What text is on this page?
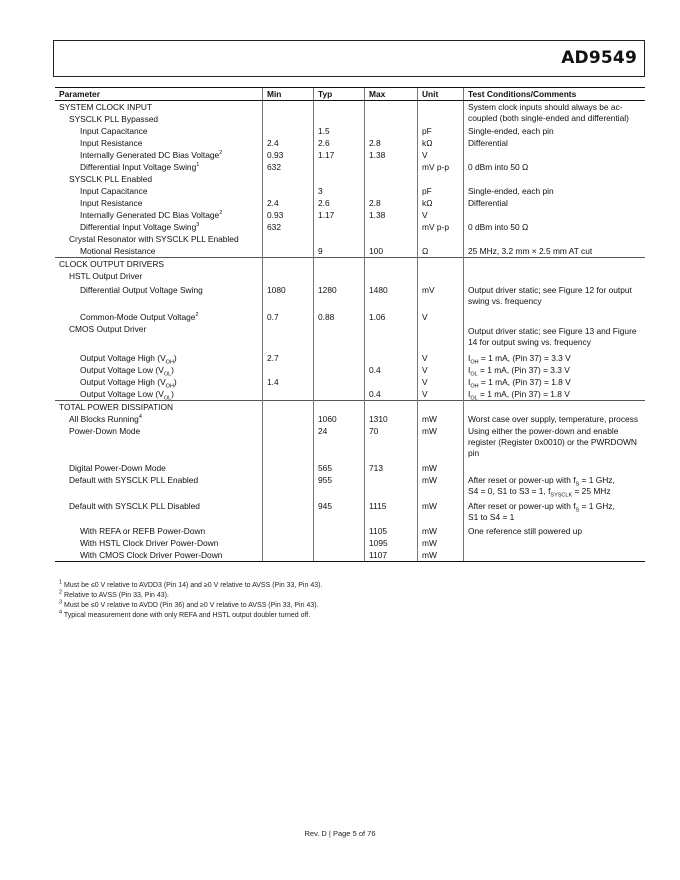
AD9549
Parameter	Min	Typ	Max	Unit	Test Conditions/Comments
SYSTEM CLOCK INPUT					System clock inputs should always be ac-coupled (both single-ended and differential)
SYSCLK PLL Bypassed					
Input Capacitance		1.5		pF	Single-ended, each pin
Input Resistance	2.4	2.6	2.8	kΩ	Differential
Internally Generated DC Bias Voltage$^2$	0.93	1.17	1.38	V	
Differential Input Voltage Swing$^1$	632			mV p-p	0 dBm into 50 Ω
SYSCLK PLL Enabled					
Input Capacitance		3		pF	Single-ended, each pin
Input Resistance	2.4	2.6	2.8	kΩ	Differential
Internally Generated DC Bias Voltage$^2$	0.93	1.17	1.38	V	
Differential Input Voltage Swing$^3$	632			mV p-p	0 dBm into 50 Ω
Crystal Resonator with SYSCLK PLL Enabled					
Motional Resistance		9	100	Ω	25 MHz, 3.2 mm × 2.5 mm AT cut
CLOCK OUTPUT DRIVERS					
HSTL Output Driver					
Differential Output Voltage Swing	1080	1280	1480	mV	Output driver static; see Figure 12 for output swing vs. frequency
Common-Mode Output Voltage$^2$	0.7	0.88	1.06	V	
CMOS Output Driver					Output driver static; see Figure 13 and Figure 14 for output swing vs. frequency
Output Voltage High $(V_{OH})$	2.7			V	$I_{OH} = 1$ mA, (Pin 37) = 3.3 V
Output Voltage Low $(V_{OL})$			0.4	V	$I_{OL} = 1$ mA, (Pin 37) = 3.3 V
Output Voltage High $(V_{OH})$	1.4			V	$I_{OH} = 1$ mA, (Pin 37) = 1.8 V
Output Voltage Low $(V_{OL})$			0.4	V	$I_{OL} = 1$ mA, (Pin 37) = 1.8 V
TOTAL POWER DISSIPATION					
All Blocks Running$^4$		1060	1310	mW	Worst case over supply, temperature, process
Power-Down Mode		24	70	mW	Using either the power-down and enable register (Register 0x0010) or the PWRDOWN pin
Digital Power-Down Mode		565	713	mW	
Default with SYSCLK PLL Enabled		955		mW	After reset or power-up with $f_S = 1$ GHz,
S4 = 0, S1 to S3 = 1, $f_{SYSCLK} = 25$ MHz
Default with SYSCLK PLL Disabled		945	1115	mW	After reset or power-up with $f_S = 1$ GHz,
S1 to S4 = 1
With REFA or REFB Power-Down			1105	mW	One reference still powered up
With HSTL Clock Driver Power-Down			1095	mW	
With CMOS Clock Driver Power-Down			1107	mW	
$^1$ Must be ≤0 V relative to AVDD3 (Pin 14) and ≥0 V relative to AVSS (Pin 33, Pin 43).
$^2$ Relative to AVSS (Pin 33, Pin 43).
$^3$ Must be ≤0 V relative to AVDD (Pin 36) and ≥0 V relative to AVSS (Pin 33, Pin 43).
$^4$ Typical measurement done with only REFA and HSTL output doubler turned off.
Rev. D | Page 5 of 76
